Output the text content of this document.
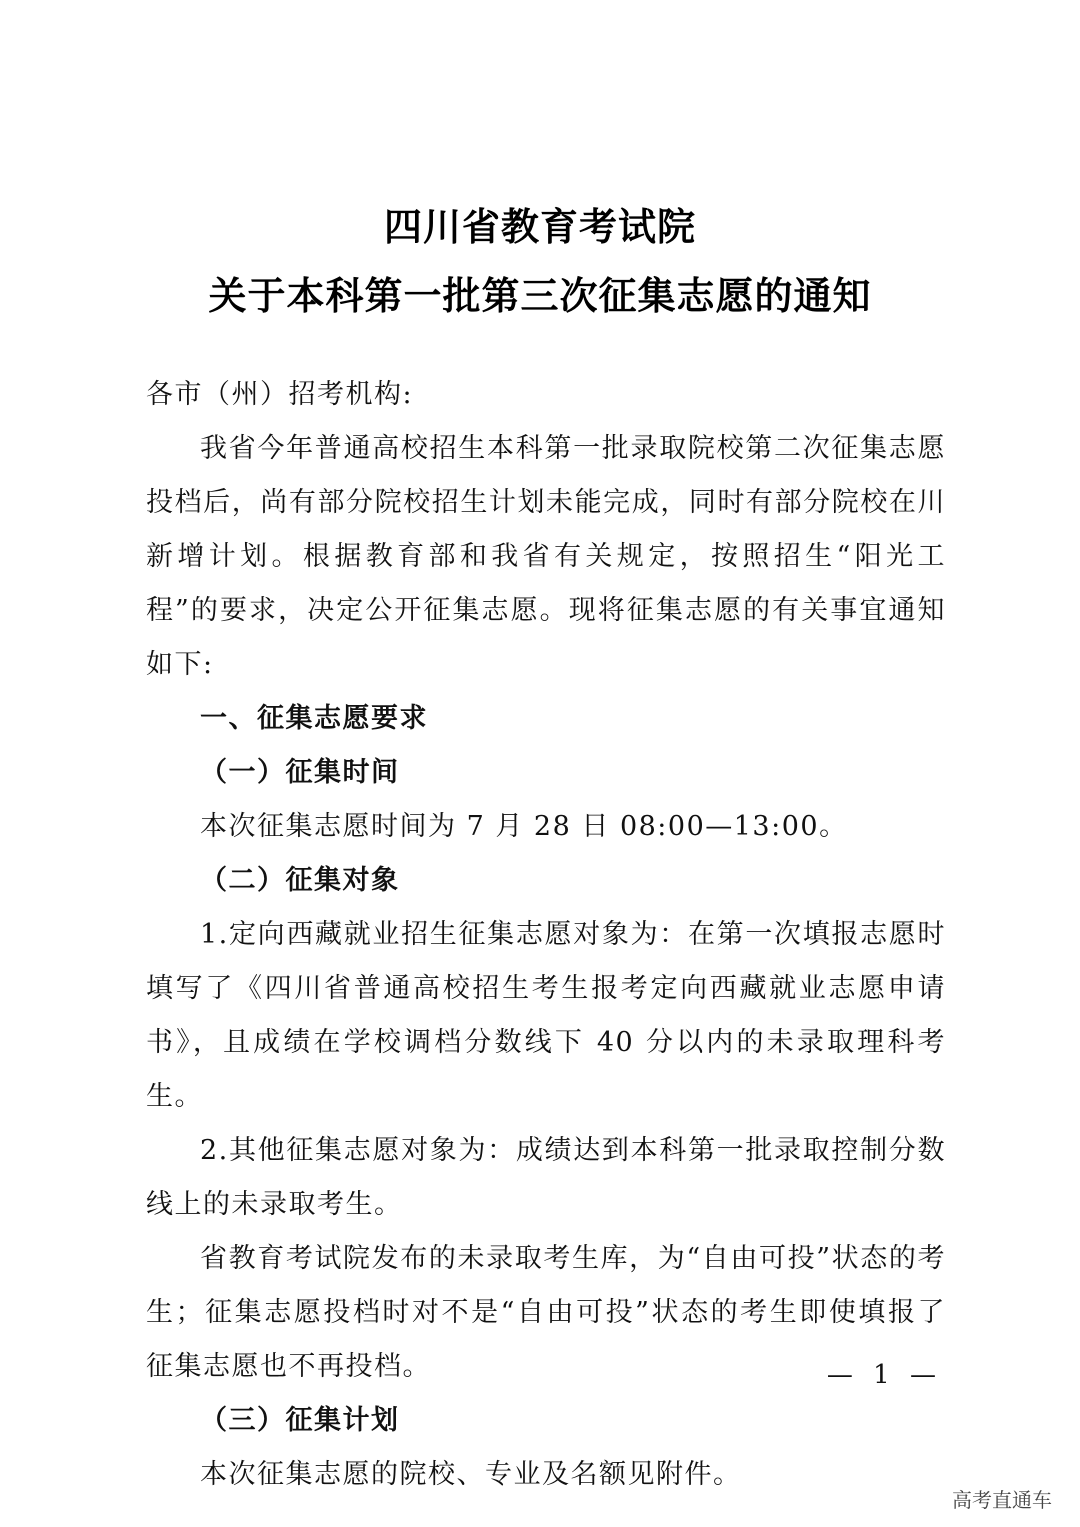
四川省教育考试院
关于本科第一批第三次征集志愿的通知

各市（州）招考机构:

我省今年普通高校招生本科第一批录取院校第二次征集志愿投档后，尚有部分院校招生计划未能完成，同时有部分院校在川新增计划。根据教育部和我省有关规定，按照招生“阳光工程”的要求，决定公开征集志愿。现将征集志愿的有关事宜通知如下:

一、征集志愿要求

（一）征集时间

本次征集志愿时间为 7 月 28 日 08:00—13:00。

（二）征集对象

1.定向西藏就业招生征集志愿对象为：在第一次填报志愿时填写了《四川省普通高校招生考生报考定向西藏就业志愿申请书》，且成绩在学校调档分数线下 40 分以内的未录取理科考生。

2.其他征集志愿对象为：成绩达到本科第一批录取控制分数线上的未录取考生。

省教育考试院发布的未录取考生库，为“自由可投”状态的考生；征集志愿投档时对不是“自由可投”状态的考生即使填报了征集志愿也不再投档。

（三）征集计划

本次征集志愿的院校、专业及名额见附件。

— 1 —
高考直通车
